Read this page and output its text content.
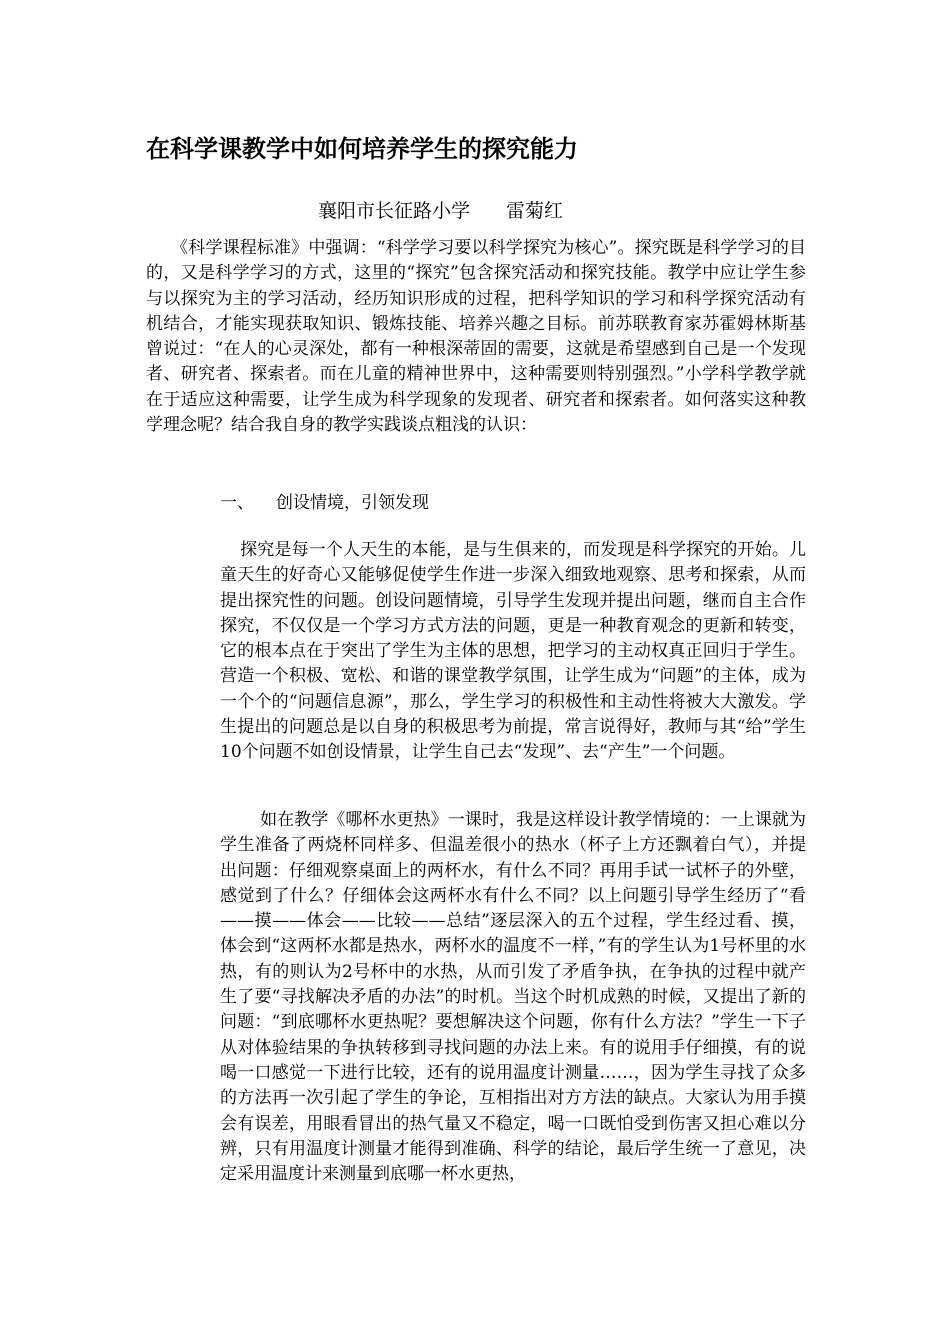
在科学课教学中如何培养学生的探究能力
襄阳市长征路小学 雷菊红

《科学课程标准》中强调：“科学学习要以科学探究为核心”。探究既是科学学习的目的，又是科学学习的方式，这里的“探究”包含探究活动和探究技能。教学中应让学生参与以探究为主的学习活动，经历知识形成的过程，把科学知识的学习和科学探究活动有机结合，才能实现获取知识、锻炼技能、培养兴趣之目标。前苏联教育家苏霍姆林斯基曾说过：“在人的心灵深处，都有一种根深蒂固的需要，这就是希望感到自己是一个发现者、研究者、探索者。而在儿童的精神世界中，这种需要则特别强烈。”小学科学教学就在于适应这种需要，让学生成为科学现象的发现者、研究者和探索者。如何落实这种教学理念呢？结合我自身的教学实践谈点粗浅的认识：

一、 创设情境，引领发现

探究是每一个人天生的本能，是与生俱来的，而发现是科学探究的开始。儿童天生的好奇心又能够促使学生作进一步深入细致地观察、思考和探索，从而提出探究性的问题。创设问题情境，引导学生发现并提出问题，继而自主合作探究，不仅仅是一个学习方式方法的问题，更是一种教育观念的更新和转变，它的根本点在于突出了学生为主体的思想，把学习的主动权真正回归于学生。营造一个积极、宽松、和谐的课堂教学氛围，让学生成为“问题”的主体，成为一个个的“问题信息源”，那么，学生学习的积极性和主动性将被大大激发。学生提出的问题总是以自身的积极思考为前提，常言说得好，教师与其“给”学生10个问题不如创设情景，让学生自己去“发现”、去“产生”一个问题。

如在教学《哪杯水更热》一课时，我是这样设计教学情境的：一上课就为学生准备了两烧杯同样多、但温差很小的热水（杯子上方还飘着白气），并提出问题：仔细观察桌面上的两杯水，有什么不同？再用手试一试杯子的外壁，感觉到了什么？仔细体会这两杯水有什么不同？以上问题引导学生经历了“看——摸——体会——比较——总结”逐层深入的五个过程，学生经过看、摸，体会到“这两杯水都是热水，两杯水的温度不一样，”有的学生认为1号杯里的水热，有的则认为2号杯中的水热，从而引发了矛盾争执，在争执的过程中就产生了要“寻找解决矛盾的办法”的时机。当这个时机成熟的时候，又提出了新的问题：“到底哪杯水更热呢？要想解决这个问题，你有什么方法？”学生一下子从对体验结果的争执转移到寻找问题的办法上来。有的说用手仔细摸，有的说喝一口感觉一下进行比较，还有的说用温度计测量……，因为学生寻找了众多的方法再一次引起了学生的争论，互相指出对方方法的缺点。大家认为用手摸会有误差，用眼看冒出的热气量又不稳定，喝一口既怕受到伤害又担心难以分辨，只有用温度计测量才能得到准确、科学的结论，最后学生统一了意见，决定采用温度计来测量到底哪一杯水更热，
